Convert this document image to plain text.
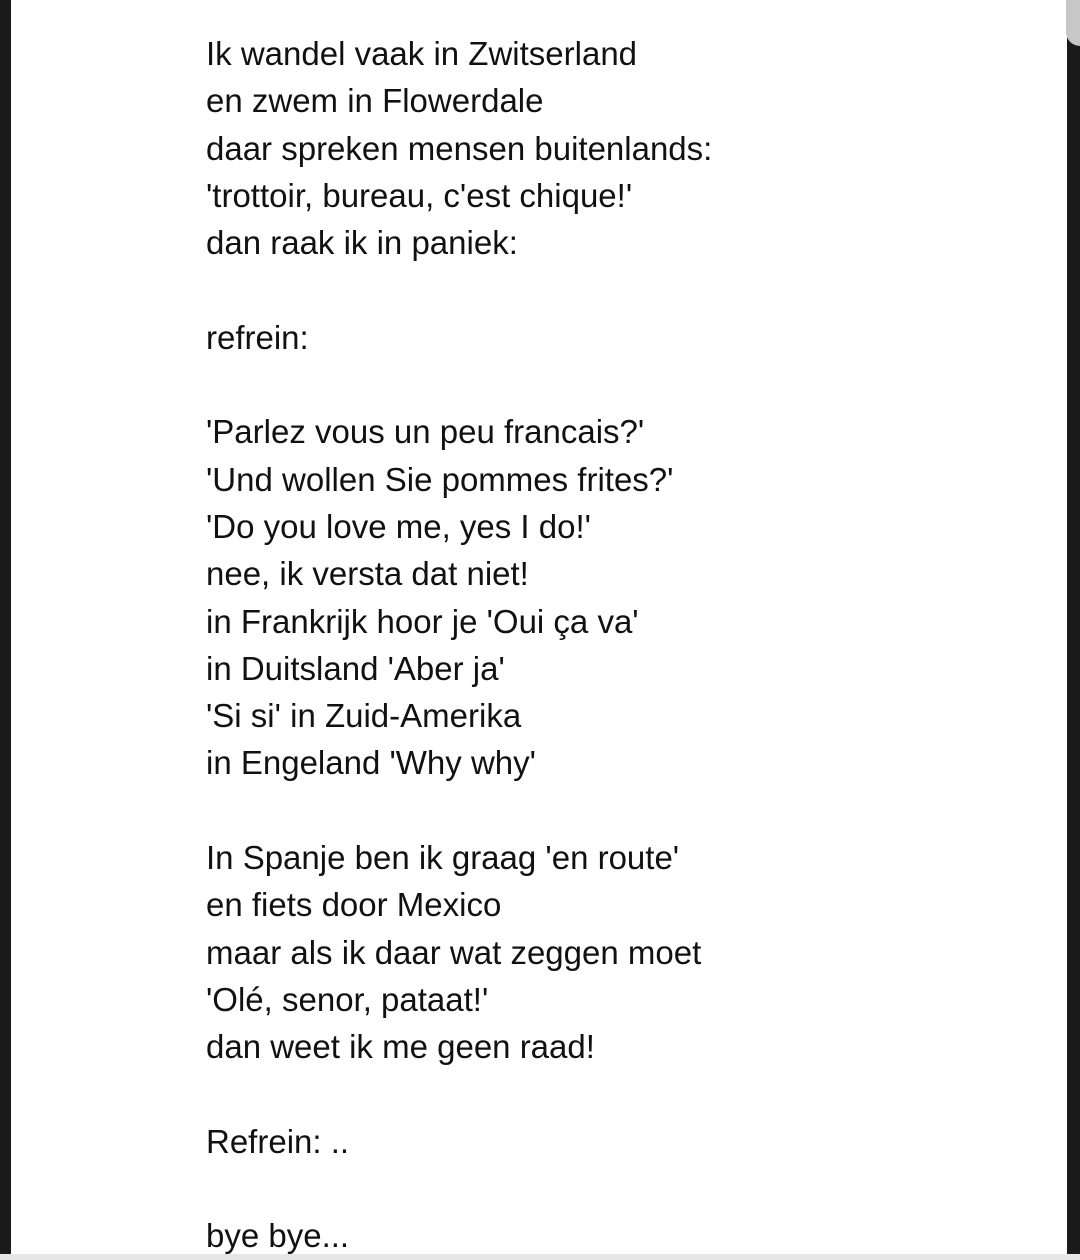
Ik wandel vaak in Zwitserland
en zwem in Flowerdale
daar spreken mensen buitenlands:
'trottoir, bureau, c'est chique!'
dan raak ik in paniek:
refrein:
'Parlez vous un peu francais?'
'Und wollen Sie pommes frites?'
'Do you love me, yes I do!'
nee, ik versta dat niet!
in Frankrijk hoor je 'Oui ça va'
in Duitsland 'Aber ja'
'Si si' in Zuid-Amerika
in Engeland 'Why why'
In Spanje ben ik graag 'en route'
en fiets door Mexico
maar als ik daar wat zeggen moet
'Olé, senor, pataat!'
dan weet ik me geen raad!
Refrein: ..
bye bye...
